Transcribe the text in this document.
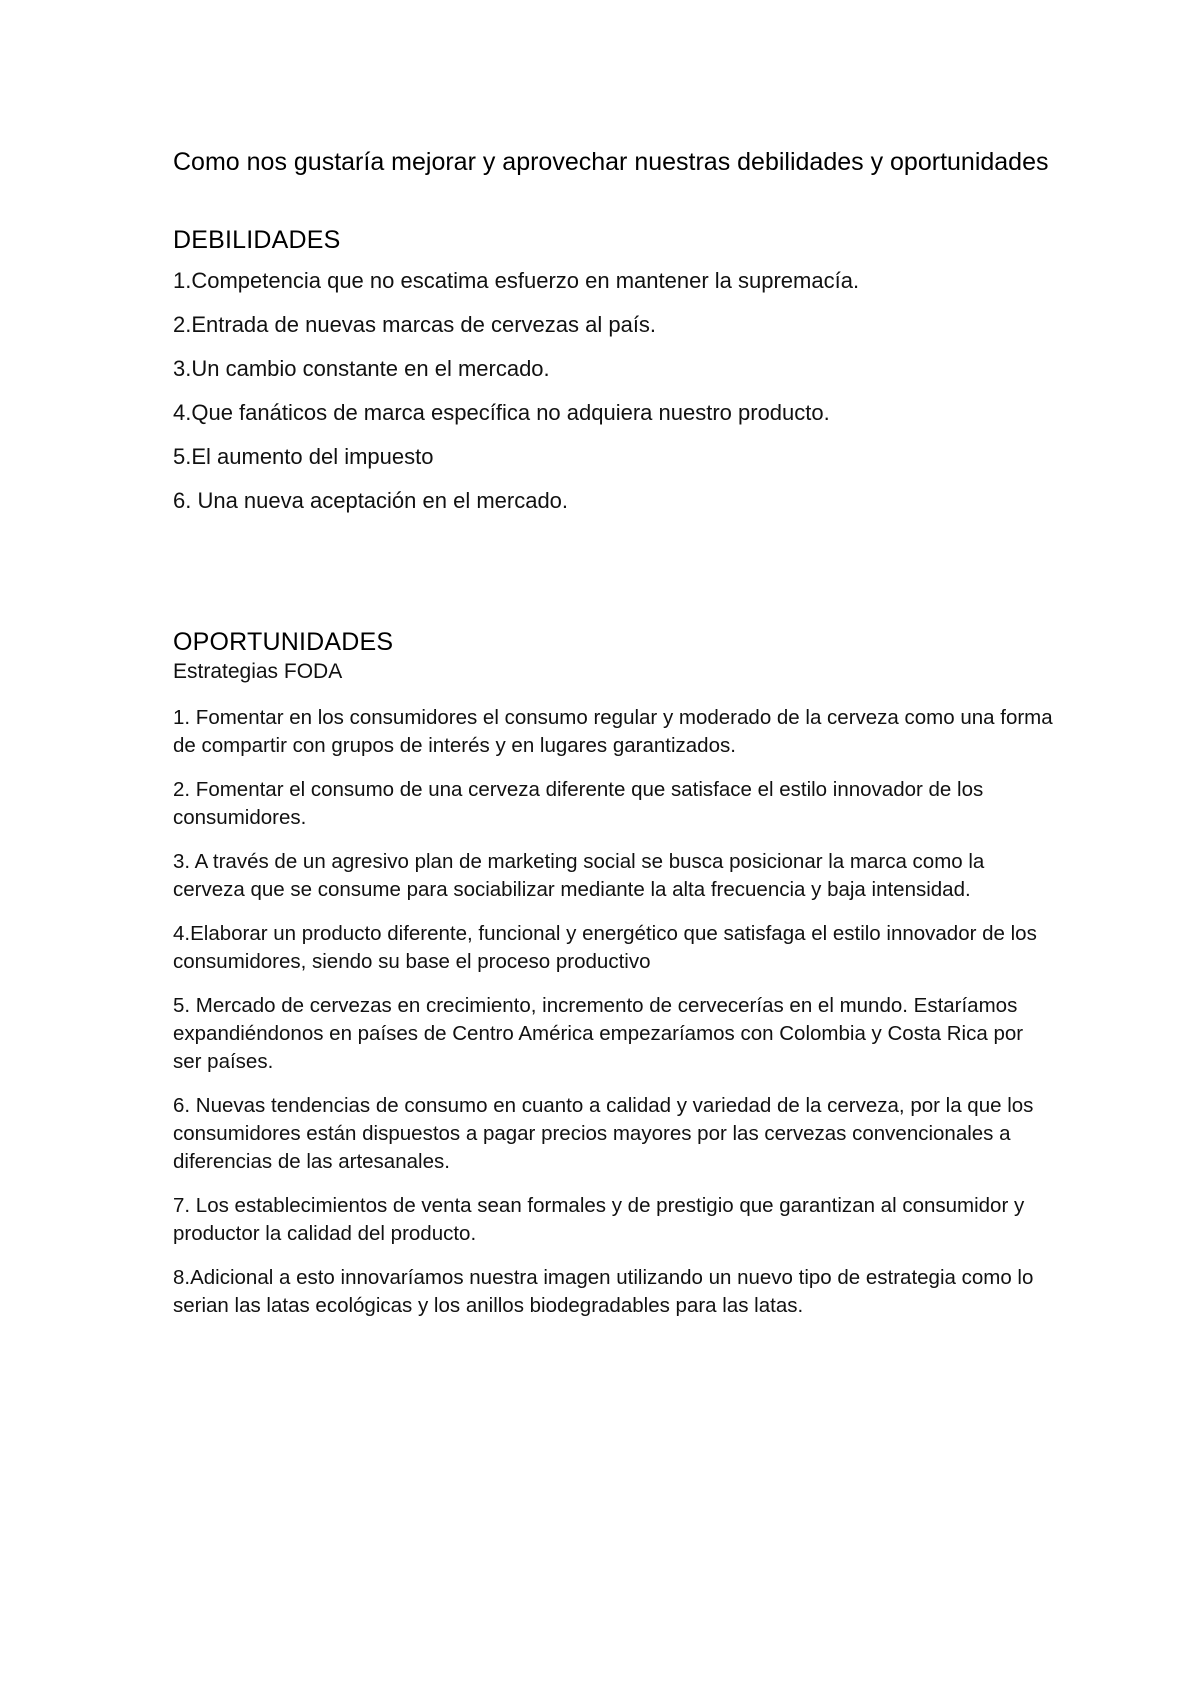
Como nos gustaría mejorar y aprovechar nuestras debilidades y oportunidades
DEBILIDADES

1.Competencia que no escatima esfuerzo en mantener la supremacía.

2.Entrada de nuevas marcas de cervezas al país.

3.Un cambio constante en el mercado.

4.Que fanáticos de marca específica no adquiera nuestro producto.

5.El aumento del impuesto

6. Una nueva aceptación en el mercado.

OPORTUNIDADES

Estrategias FODA

1. Fomentar en los consumidores el consumo regular y moderado de la cerveza como una forma de compartir con grupos de interés y en lugares garantizados.

2. Fomentar el consumo de una cerveza diferente que satisface el estilo innovador de los consumidores.

3. A través de un agresivo plan de marketing social se busca posicionar la marca como la cerveza que se consume para sociabilizar mediante la alta frecuencia y baja intensidad.

4.Elaborar un producto diferente, funcional y energético que satisfaga el estilo innovador de los consumidores, siendo su base el proceso productivo

5. Mercado de cervezas en crecimiento, incremento de cervecerías en el mundo. Estaríamos expandiéndonos en países de Centro América empezaríamos con Colombia y Costa Rica por ser países.

6. Nuevas tendencias de consumo en cuanto a calidad y variedad de la cerveza, por la que los consumidores están dispuestos a pagar precios mayores por las cervezas convencionales a diferencias de las artesanales.

7. Los establecimientos de venta sean formales y de prestigio que garantizan al consumidor y productor la calidad del producto.

8.Adicional a esto innovaríamos nuestra imagen utilizando un nuevo tipo de estrategia como lo serian las latas ecológicas y los anillos biodegradables para las latas.
